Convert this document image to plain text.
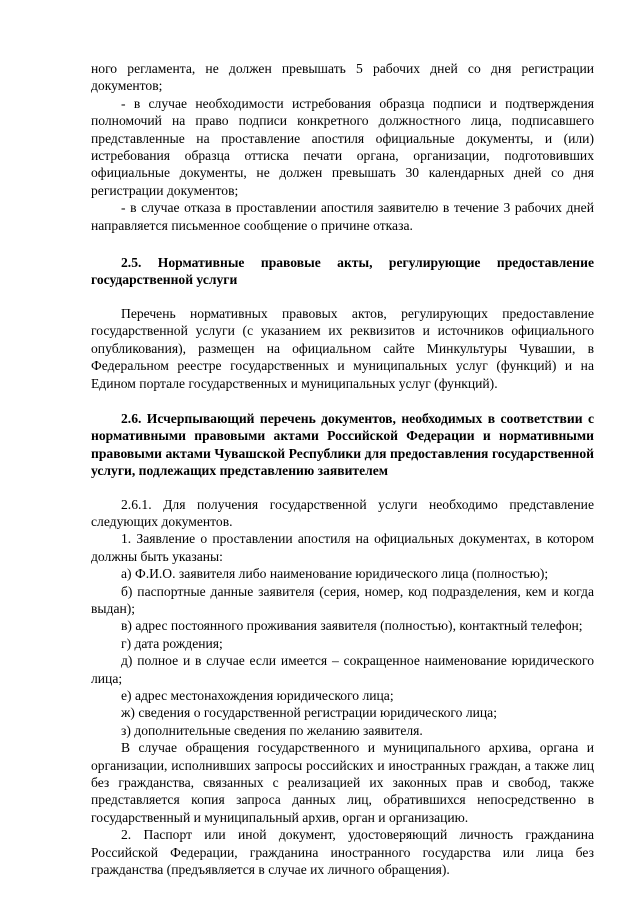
ного регламента, не должен превышать 5 рабочих дней со дня регистрации документов;

- в случае необходимости истребования образца подписи и подтверждения полномочий на право подписи конкретного должностного лица, подписавшего представленные на проставление апостиля официальные документы, и (или) истребования образца оттиска печати органа, организации, подготовивших официальные документы, не должен превышать 30 календарных дней со дня регистрации документов;

- в случае отказа в проставлении апостиля заявителю в течение 3 рабочих дней направляется письменное сообщение о причине отказа.

2.5. Нормативные правовые акты, регулирующие предоставление государственной услуги

Перечень нормативных правовых актов, регулирующих предоставление государственной услуги (с указанием их реквизитов и источников официального опубликования), размещен на официальном сайте Минкультуры Чувашии, в Федеральном реестре государственных и муниципальных услуг (функций) и на Едином портале государственных и муниципальных услуг (функций).

2.6. Исчерпывающий перечень документов, необходимых в соответствии с нормативными правовыми актами Российской Федерации и нормативными правовыми актами Чувашской Республики для предоставления государственной услуги, подлежащих представлению заявителем

2.6.1. Для получения государственной услуги необходимо представление следующих документов.

1. Заявление о проставлении апостиля на официальных документах, в котором должны быть указаны:

а) Ф.И.О. заявителя либо наименование юридического лица (полностью);

б) паспортные данные заявителя (серия, номер, код подразделения, кем и когда выдан);

в) адрес постоянного проживания заявителя (полностью), контактный телефон;

г) дата рождения;

д) полное и в случае если имеется – сокращенное наименование юридического лица;

е) адрес местонахождения юридического лица;

ж) сведения о государственной регистрации юридического лица;

з) дополнительные сведения по желанию заявителя.

В случае обращения государственного и муниципального архива, органа и организации, исполнивших запросы российских и иностранных граждан, а также лиц без гражданства, связанных с реализацией их законных прав и свобод, также представляется копия запроса данных лиц, обратившихся непосредственно в государственный и муниципальный архив, орган и организацию.

2. Паспорт или иной документ, удостоверяющий личность гражданина Российской Федерации, гражданина иностранного государства или лица без гражданства (предъявляется в случае их личного обращения).
